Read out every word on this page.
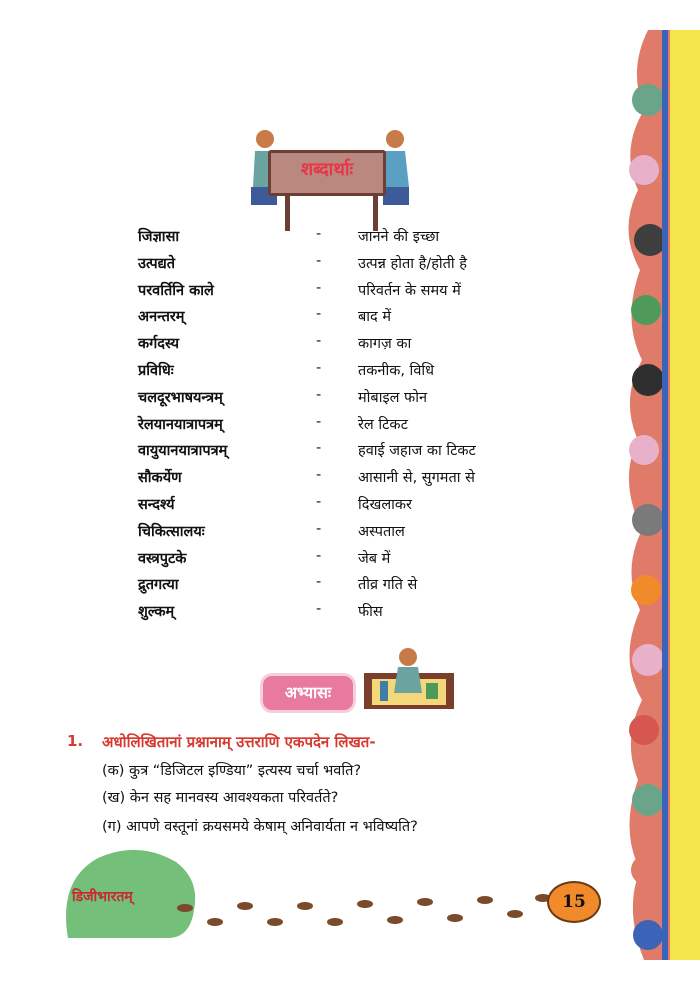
शब्दार्थाः
जिज्ञासा	-	जानने की इच्छा
उत्पद्यते	-	उत्पन्न होता है/होती है
परवर्तिनि काले	-	परिवर्तन के समय में
अनन्तरम्	-	बाद में
कर्गदस्य	-	कागज़ का
प्रविधिः	-	तकनीक, विधि
चलदूरभाषयन्त्रम्	-	मोबाइल फोन
रेलयानयात्रापत्रम्	-	रेल टिकट
वायुयानयात्रापत्रम्	-	हवाई जहाज का टिकट
सौकर्येण	-	आसानी से, सुगमता से
सन्दर्श्य	-	दिखलाकर
चिकित्सालयः	-	अस्पताल
वस्त्रपुटके	-	जेब में
द्रुतगत्या	-	तीव्र गति से
शुल्कम्	-	फीस
अभ्यासः
1. अधोलिखितानां प्रश्नानाम् उत्तराणि एकपदेन लिखत-
(क) कुत्र “डिजिटल इण्डिया” इत्यस्य चर्चा भवति?
(ख) केन सह मानवस्य आवश्यकता परिवर्तते?
(ग) आपणे वस्तूनां क्रयसमये केषाम् अनिवार्यता न भविष्यति?
डिजीभारतम्	15
